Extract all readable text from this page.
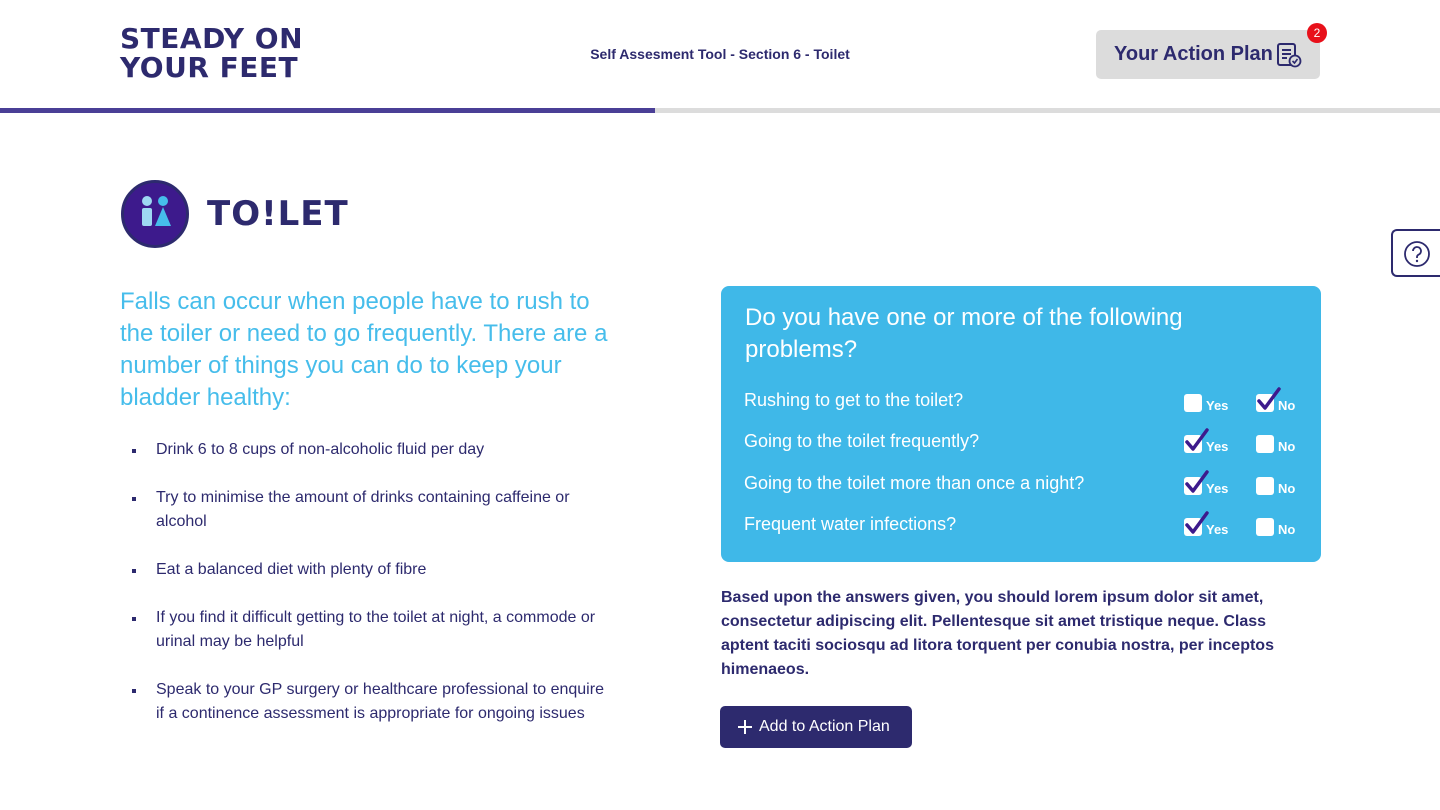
STEADY ON
YOUR FEET	Self Assesment Tool - Section 6 - Toilet	Your Action Plan
2
TO!LET
Falls can occur when people have to rush to the toiler or need to go frequently. There are a number of things you can do to keep your bladder healthy:
Drink 6 to 8 cups of non-alcoholic fluid per day
Try to minimise the amount of drinks containing caffeine or alcohol
Eat a balanced diet with plenty of fibre
If you find it difficult getting to the toilet at night, a commode or urinal may be helpful
Speak to your GP surgery or healthcare professional to enquire if a continence assessment is appropriate for ongoing issues
Do you have one or more of the following problems?
Rushing to get to the toilet?	Yes	No
Going to the toilet frequently?	Yes	No
Going to the toilet more than once a night?	Yes	No
Frequent water infections?	Yes	No
Based upon the answers given, you should lorem ipsum dolor sit amet, consectetur adipiscing elit. Pellentesque sit amet tristique neque. Class aptent taciti sociosqu ad litora torquent per conubia nostra, per inceptos himenaeos.
Add to Action Plan
